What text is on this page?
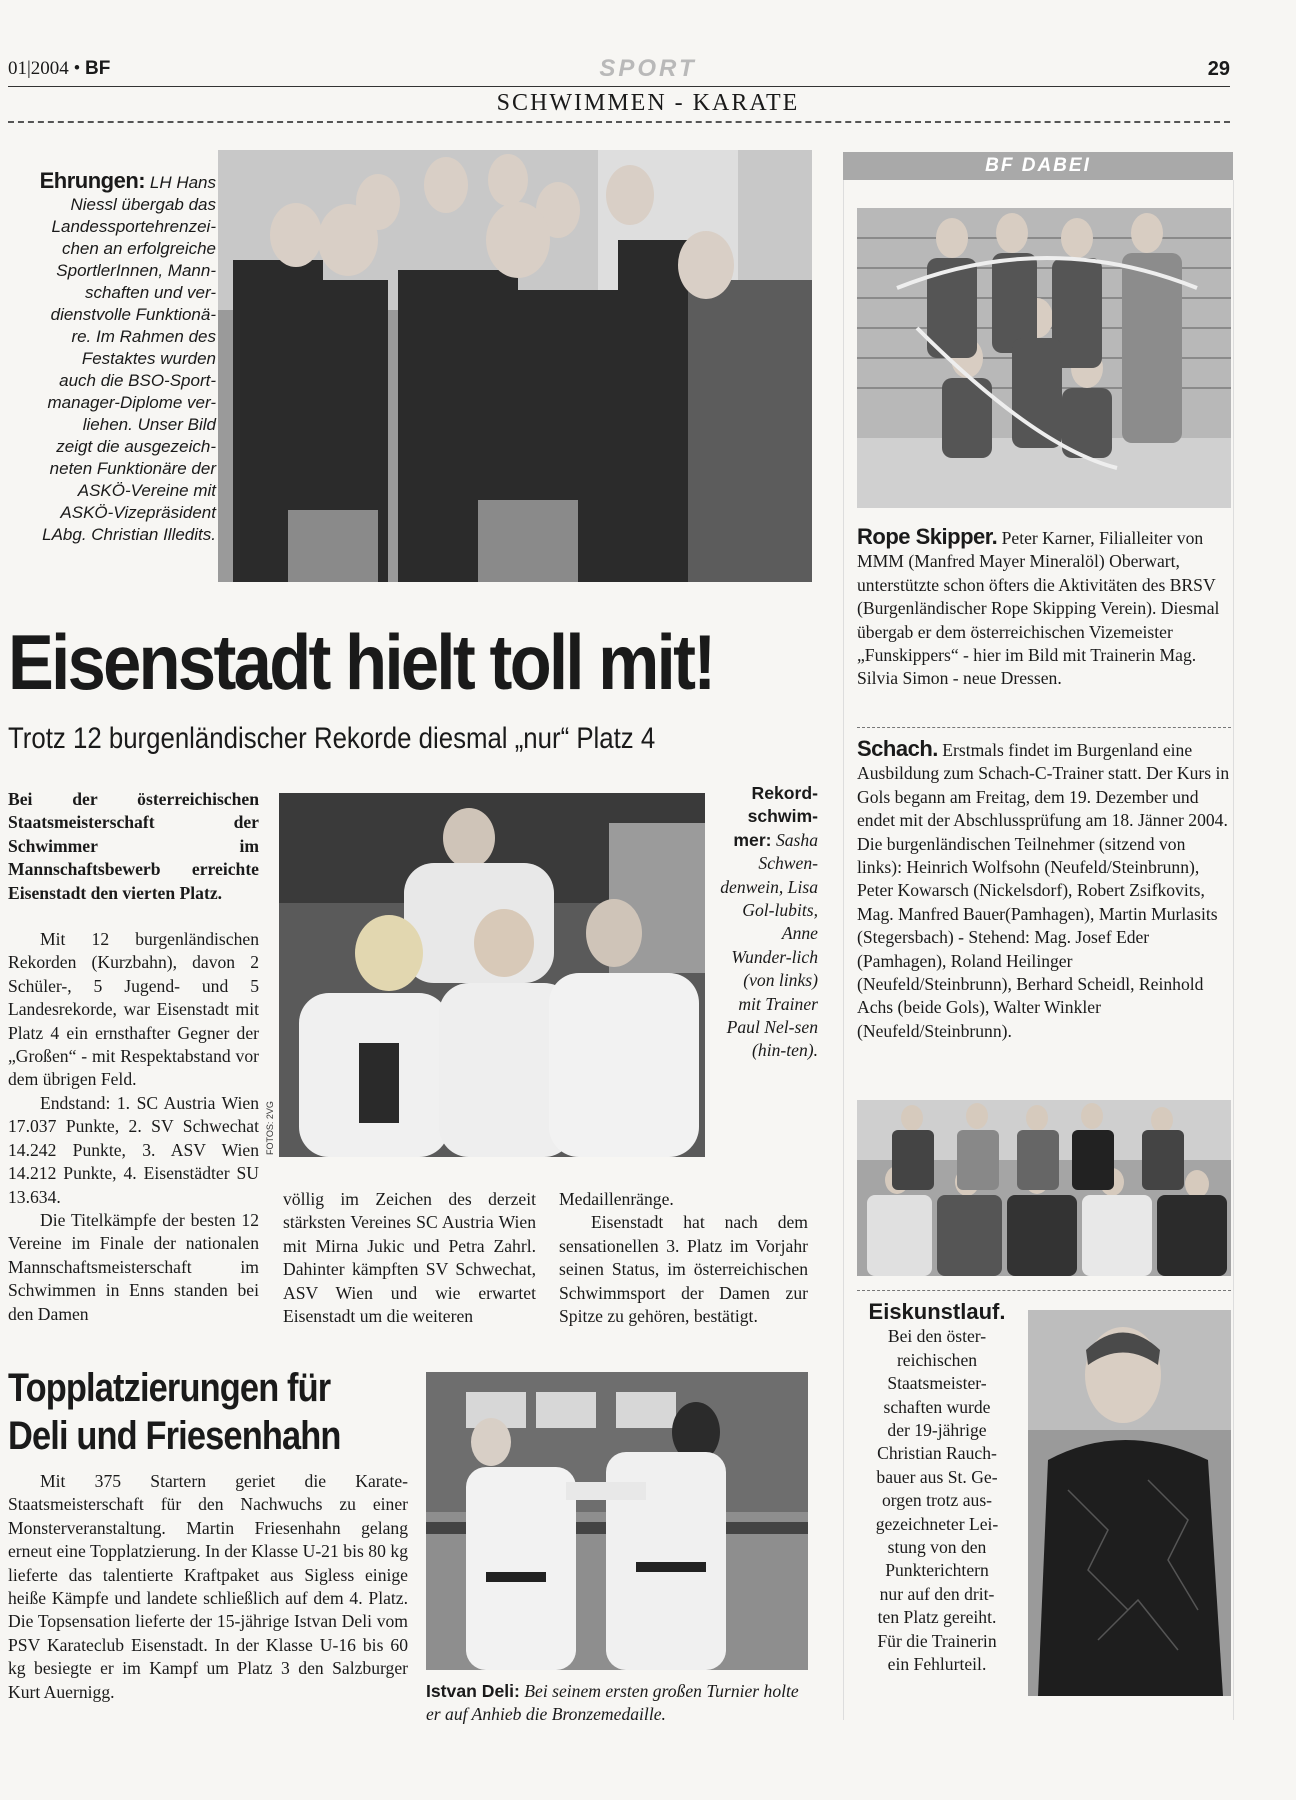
01|2004 • BF	SPORT	29
SCHWIMMEN - KARATE
Ehrungen: LH Hans
Niessl übergab das
Landessportehrenzei-
chen an erfolgreiche
SportlerInnen, Mann-
schaften und ver-
dienstvolle Funktionä-
re. Im Rahmen des
Festaktes wurden
auch die BSO-Sport-
manager-Diplome ver-
liehen. Unser Bild
zeigt die ausgezeich-
neten Funktionäre der
ASKÖ-Vereine mit
ASKÖ-Vizepräsident
LAbg. Christian Illedits.
Eisenstadt hielt toll mit!
Trotz 12 burgenländischer Rekorde diesmal „nur“ Platz 4

Bei der österreichischen Staatsmeisterschaft der Schwimmer im Mannschaftsbewerb erreichte Eisenstadt den vierten Platz.

Mit 12 burgenländischen Rekorden (Kurzbahn), davon 2 Schüler-, 5 Jugend- und 5 Landesrekorde, war Eisenstadt mit Platz 4 ein ernsthafter Gegner der „Großen“ - mit Respektabstand vor dem übrigen Feld.

Endstand: 1. SC Austria Wien 17.037 Punkte, 2. SV Schwechat 14.242 Punkte, 3. ASV Wien 14.212 Punkte, 4. Eisenstädter SU 13.634.

Die Titelkämpfe der besten 12 Vereine im Finale der nationalen Mannschaftsmeisterschaft im Schwimmen in Enns standen bei den Damen

FOTOS: 2VG
Rekord-schwim-mer: Sasha Schwen-denwein, Lisa Gol-lubits, Anne Wunder-lich (von links) mit Trainer Paul Nel-sen (hin-ten).

völlig im Zeichen des derzeit stärksten Vereines SC Austria Wien mit Mirna Jukic und Petra Zahrl. Dahinter kämpften SV Schwechat, ASV Wien und wie erwartet Eisenstadt um die weiteren

Medaillenränge.

Eisenstadt hat nach dem sensationellen 3. Platz im Vorjahr seinen Status, im österreichischen Schwimmsport der Damen zur Spitze zu gehören, bestätigt.

Topplatzierungen für
Deli und Friesenhahn
Mit 375 Startern geriet die Karate-Staatsmeisterschaft für den Nachwuchs zu einer Monsterveranstaltung. Martin Friesenhahn gelang erneut eine Topplatzierung. In der Klasse U-21 bis 80 kg lieferte das talentierte Kraftpaket aus Sigless einige heiße Kämpfe und landete schließlich auf dem 4. Platz. Die Topsensation lieferte der 15-jährige Istvan Deli vom PSV Karateclub Eisenstadt. In der Klasse U-16 bis 60 kg besiegte er im Kampf um Platz 3 den Salzburger Kurt Auernigg.	Istvan Deli: Bei seinem ersten großen Turnier holte er auf Anhieb die Bronzemedaille.
BF DABEI
Rope Skipper. Peter Karner, Filialleiter von MMM (Manfred Mayer Mineralöl) Oberwart, unterstützte schon öfters die Aktivitäten des BRSV (Burgenländischer Rope Skipping Verein). Diesmal übergab er dem österreichischen Vizemeister „Funskippers“ - hier im Bild mit Trainerin Mag. Silvia Simon - neue Dressen.
Schach. Erstmals findet im Burgenland eine Ausbildung zum Schach-C-Trainer statt. Der Kurs in Gols begann am Freitag, dem 19. Dezember und endet mit der Abschlussprüfung am 18. Jänner 2004. Die burgenländischen Teilnehmer (sitzend von links): Heinrich Wolfsohn (Neufeld/Steinbrunn), Peter Kowarsch (Nickelsdorf), Robert Zsifkovits, Mag. Manfred Bauer(Pamhagen), Martin Murlasits (Stegersbach) - Stehend: Mag. Josef Eder (Pamhagen), Roland Heilinger (Neufeld/Steinbrunn), Berhard Scheidl, Reinhold Achs (beide Gols), Walter Winkler (Neufeld/Steinbrunn).
Eiskunstlauf.
Bei den öster-
reichischen
Staatsmeister-
schaften wurde
der 19-jährige
Christian Rauch-
bauer aus St. Ge-
orgen trotz aus-
gezeichneter Lei-
stung von den
Punkterichtern
nur auf den drit-
ten Platz gereiht.
Für die Trainerin
ein Fehlurteil.
